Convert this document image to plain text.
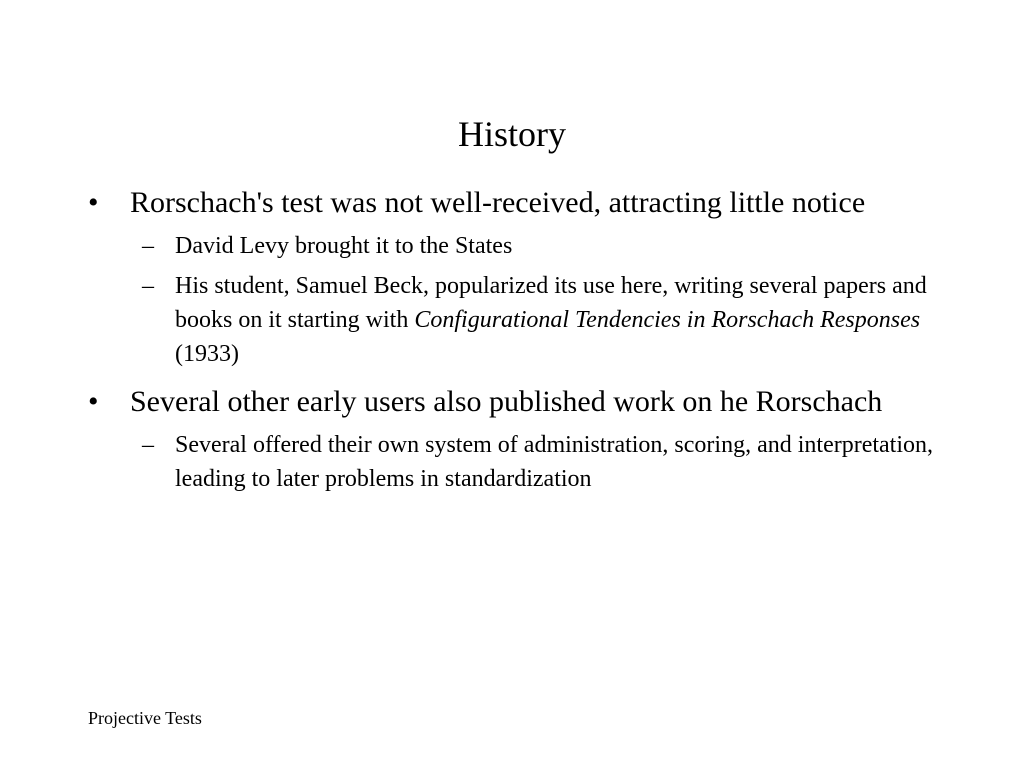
History
• Rorschach's test was not well-received, attracting little notice
– David Levy brought it to the States
– His student, Samuel Beck, popularized its use here, writing several papers and books on it starting with Configurational Tendencies in Rorschach Responses (1933)
• Several other early users also published work on he Rorschach
– Several offered their own system of administration, scoring, and interpretation, leading to later problems in standardization
Projective Tests
